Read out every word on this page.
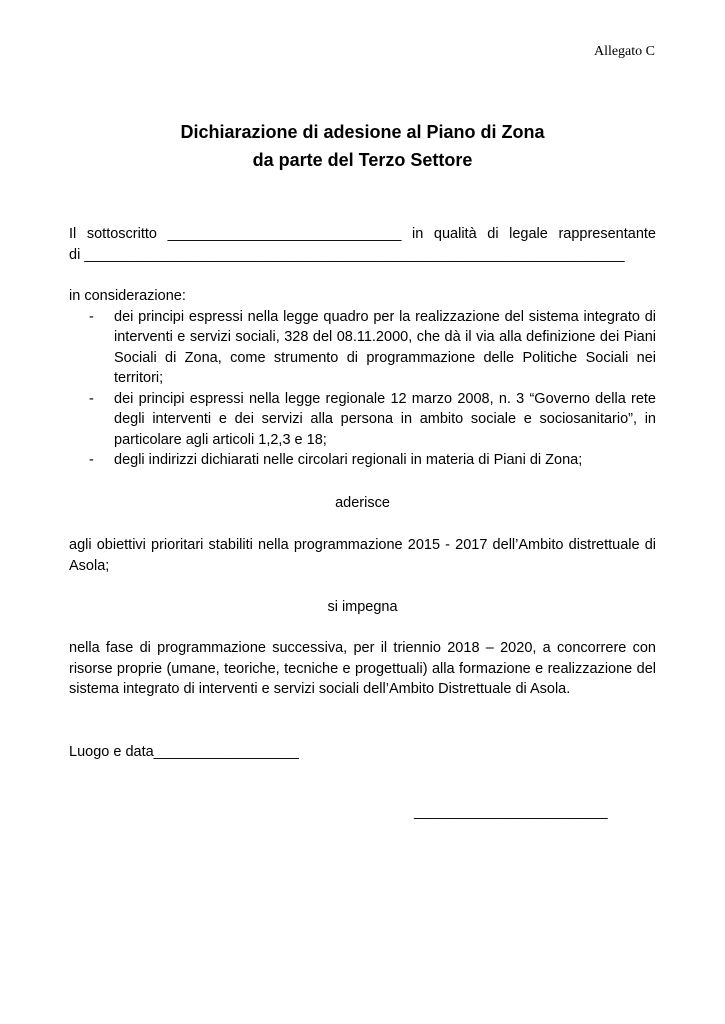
Allegato C
Dichiarazione di adesione al Piano di Zona
da parte del Terzo Settore
Il sottoscritto _____________________________ in qualità di legale rappresentante
di ___________________________________________________________________
in considerazione:
- dei principi espressi nella legge quadro per la realizzazione del sistema integrato di interventi e servizi sociali, 328 del 08.11.2000, che dà il via alla definizione dei Piani Sociali di Zona, come strumento di programmazione delle Politiche Sociali nei territori;
- dei principi espressi nella legge regionale 12 marzo 2008, n. 3 “Governo della rete degli interventi e dei servizi alla persona in ambito sociale e sociosanitario”, in particolare agli articoli 1,2,3 e 18;
- degli indirizzi dichiarati nelle circolari regionali in materia di Piani di Zona;
aderisce
agli obiettivi prioritari stabiliti nella programmazione 2015 - 2017 dell’Ambito distrettuale di Asola;
si impegna
nella fase di programmazione successiva, per il triennio 2018 – 2020, a concorrere con risorse proprie (umane, teoriche, tecniche e progettuali) alla formazione e realizzazione del sistema integrato di interventi e servizi sociali dell’Ambito Distrettuale di Asola.
Luogo e data__________________
________________________
